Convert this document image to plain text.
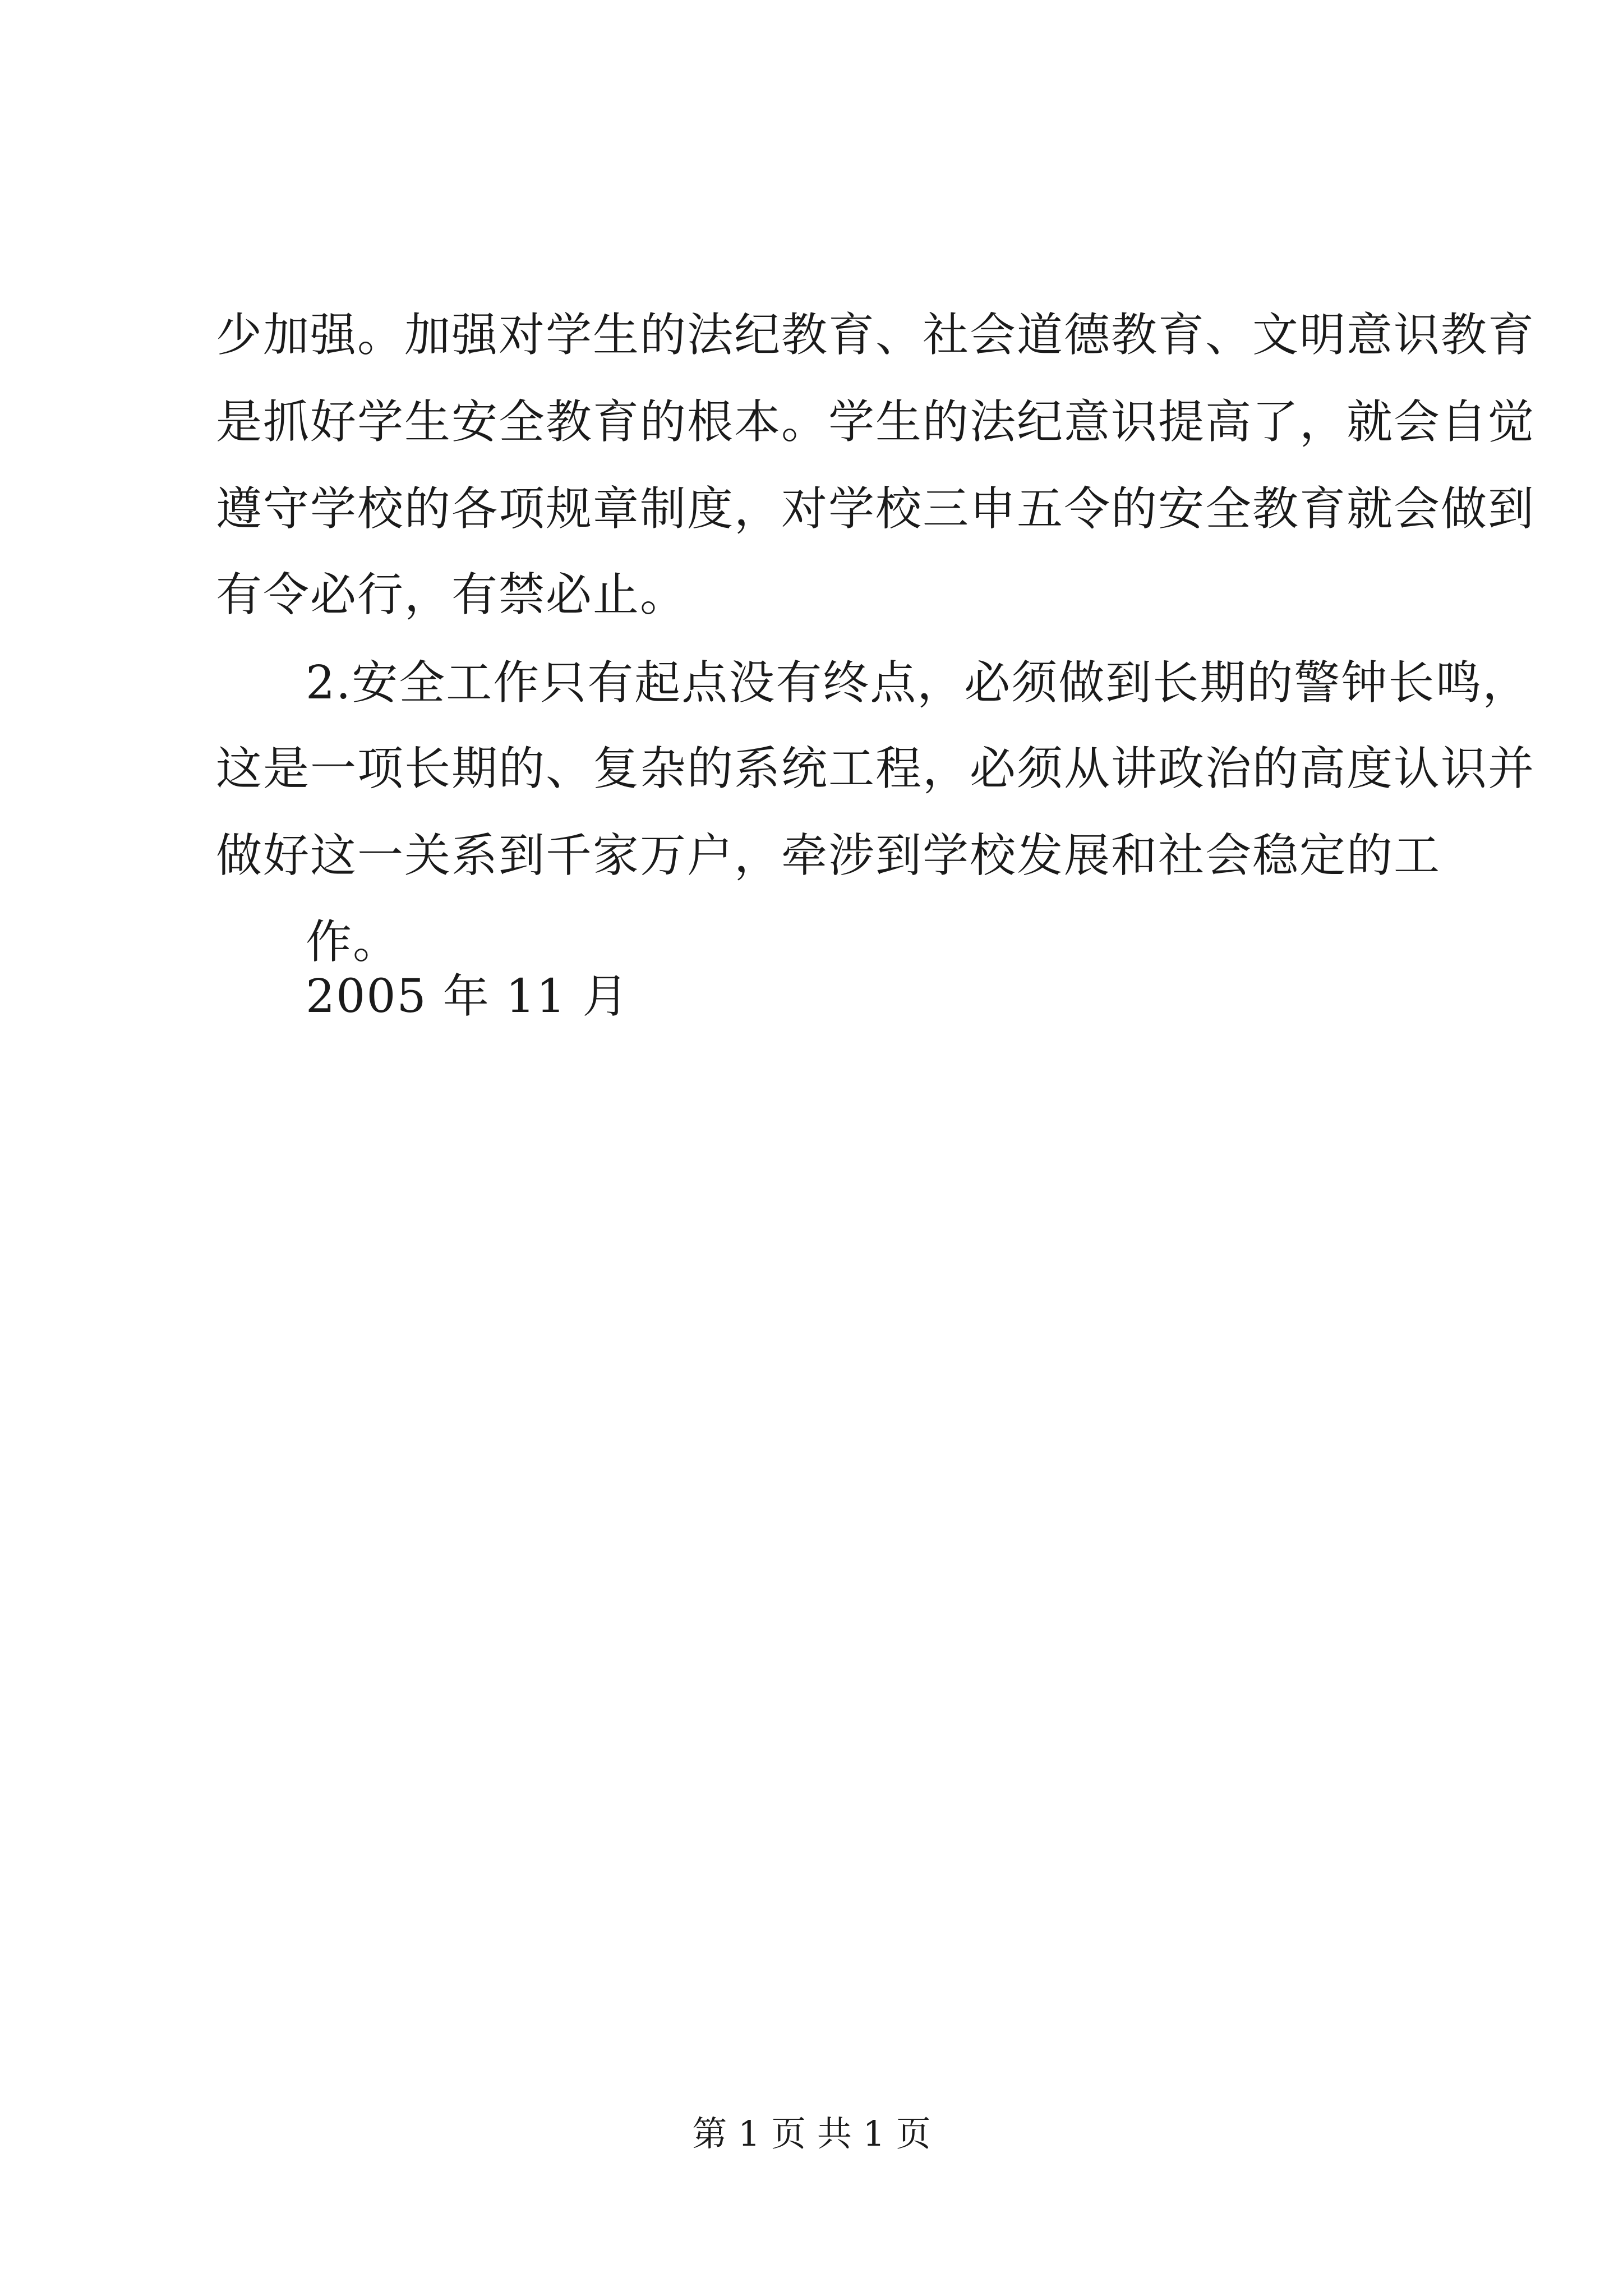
少加强。加强对学生的法纪教育、社会道德教育、文明意识教育
是抓好学生安全教育的根本。学生的法纪意识提高了，就会自觉
遵守学校的各项规章制度，对学校三申五令的安全教育就会做到
有令必行，有禁必止。
2.安全工作只有起点没有终点，必须做到长期的警钟长鸣，
这是一项长期的、复杂的系统工程，必须从讲政治的高度认识并
做好这一关系到千家万户，牵涉到学校发展和社会稳定的工
作。
2005 年 11 月
第 1 页 共 1 页
